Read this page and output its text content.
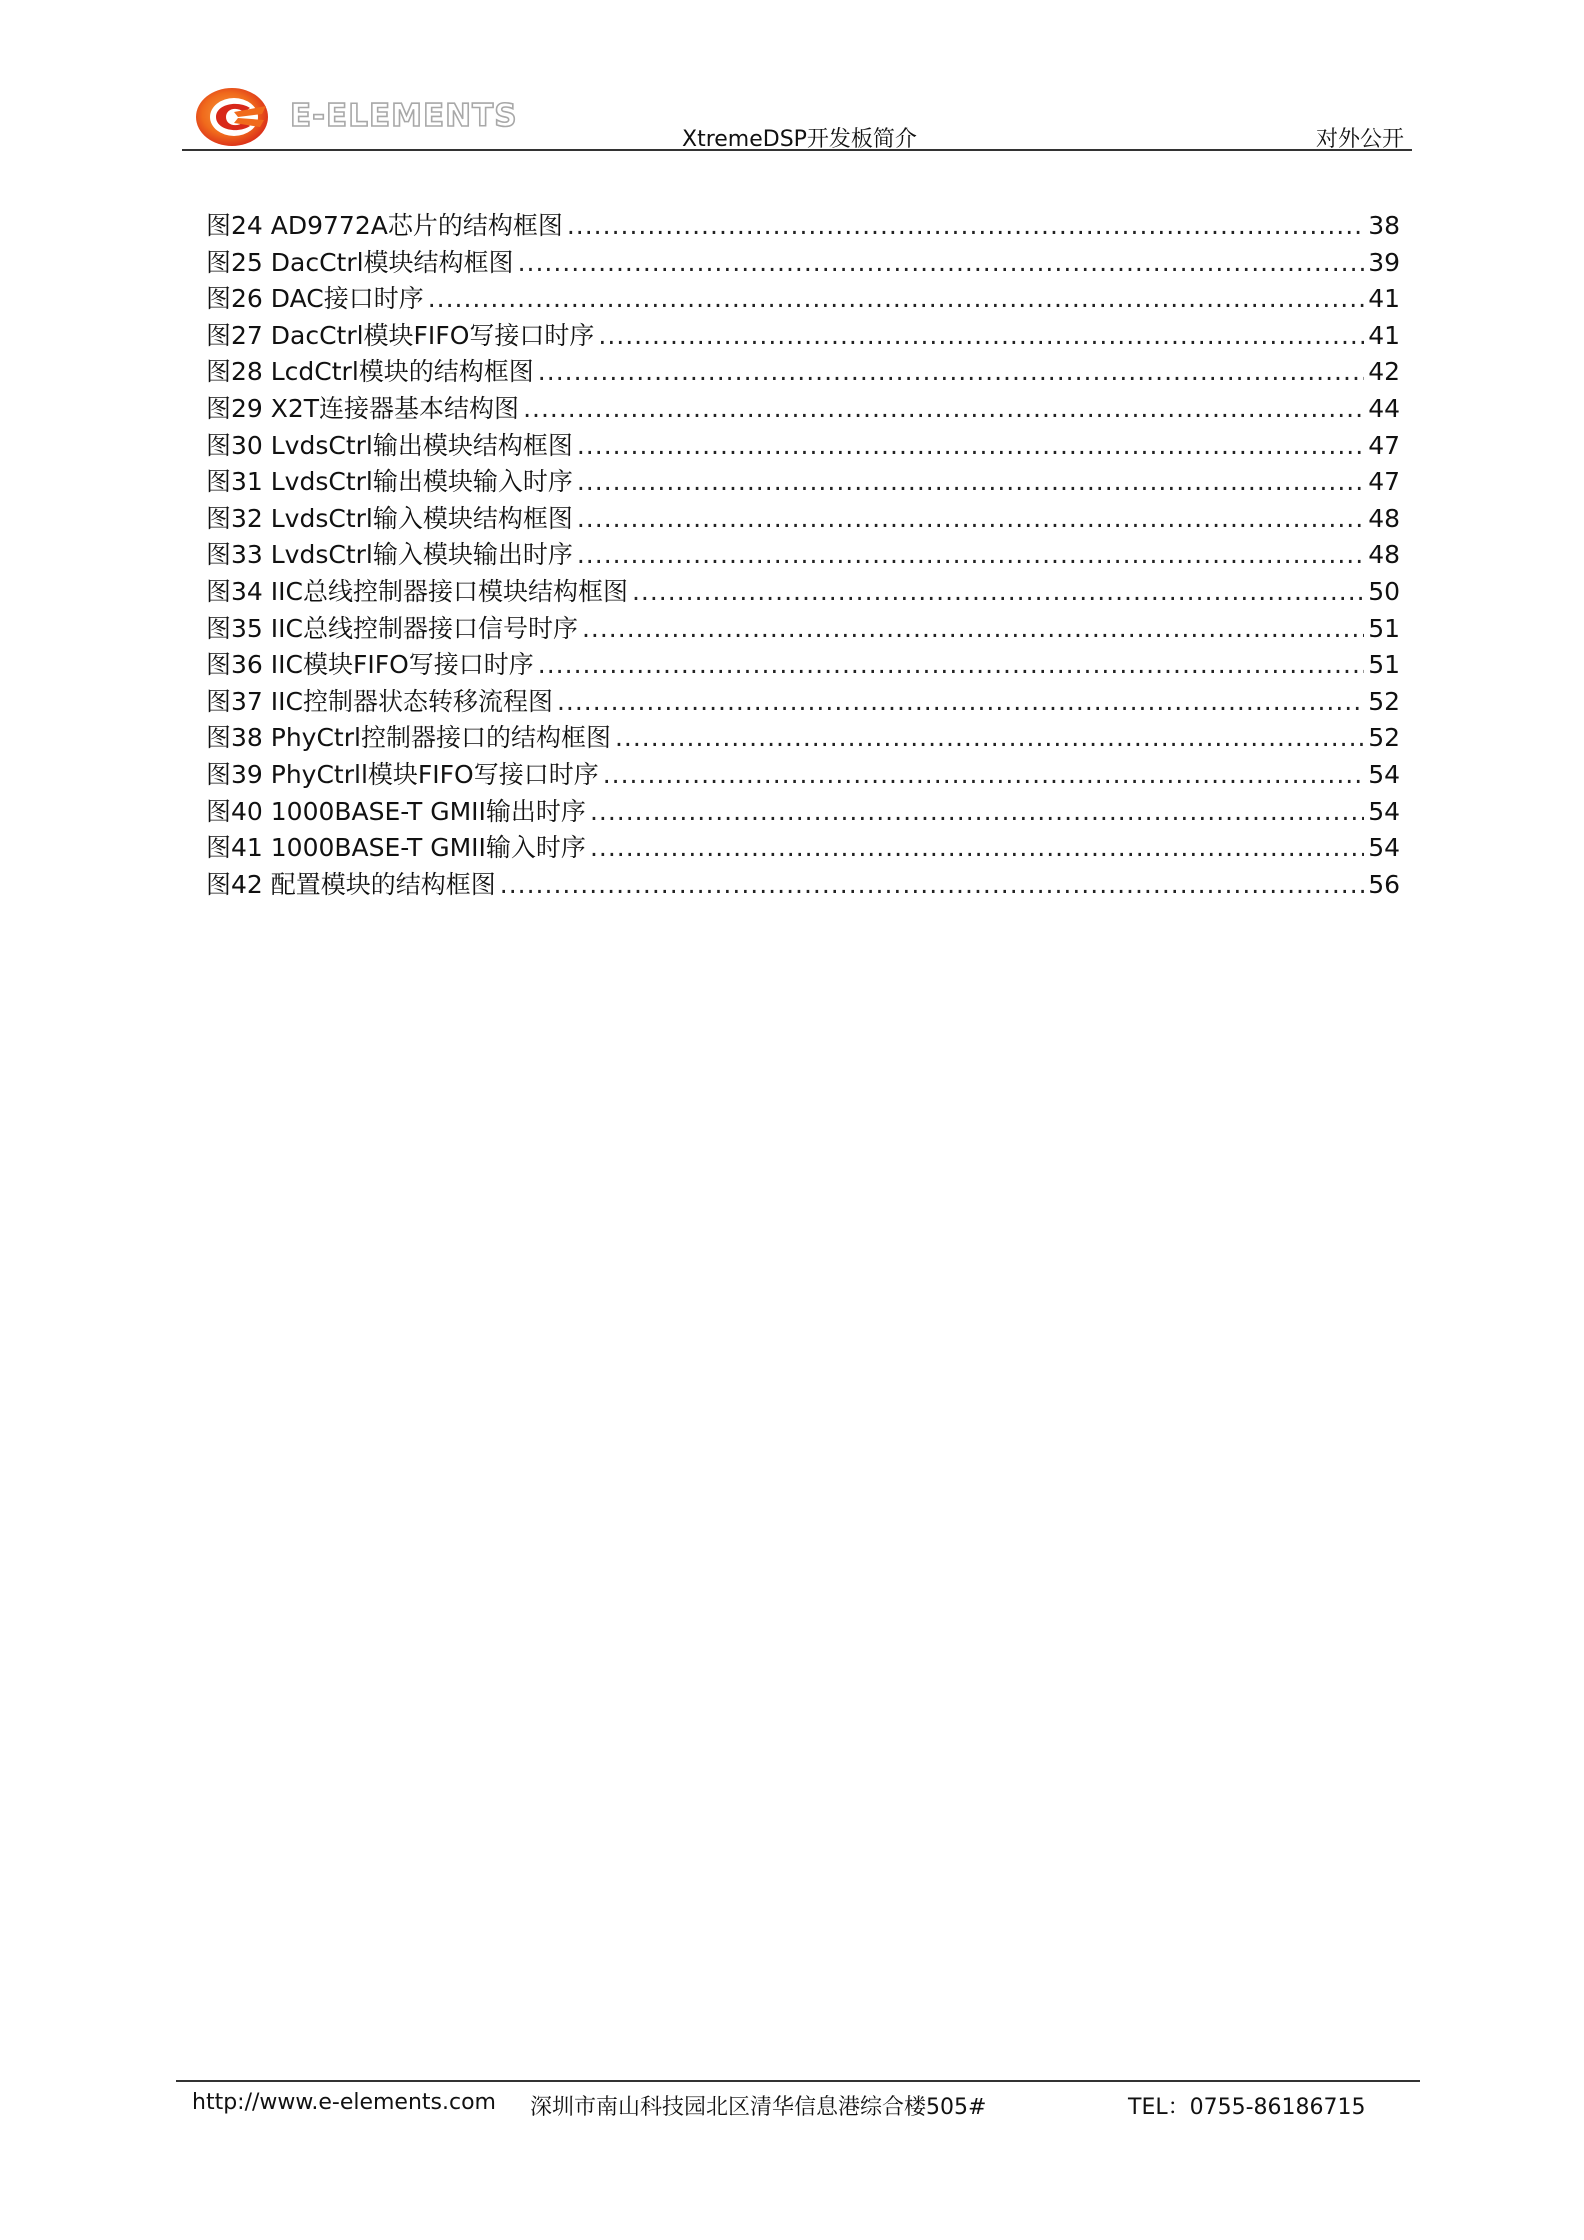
E-ELEMENTS
XtremeDSP开发板简介	对外公开
图24 AD9772A芯片的结构框图 .....	38
图25 DacCtrl模块结构框图 .....	39
图26 DAC接口时序 .....	41
图27 DacCtrl模块FIFO写接口时序 .....	41
图28 LcdCtrl模块的结构框图 .....	42
图29 X2T连接器基本结构图 .....	44
图30 LvdsCtrl输出模块结构框图 .....	47
图31 LvdsCtrl输出模块输入时序 .....	47
图32 LvdsCtrl输入模块结构框图 .....	48
图33 LvdsCtrl输入模块输出时序 .....	48
图34 IIC总线控制器接口模块结构框图 .....	50
图35 IIC总线控制器接口信号时序 .....	51
图36 IIC模块FIFO写接口时序 .....	51
图37 IIC控制器状态转移流程图 .....	52
图38 PhyCtrl控制器接口的结构框图 .....	52
图39 PhyCtrll模块FIFO写接口时序 .....	54
图40 1000BASE-T GMII输出时序 .....	54
图41 1000BASE-T GMII输入时序 .....	54
图42 配置模块的结构框图 .....	56
http://www.e-elements.com 深圳市南山科技园北区清华信息港综合楼505#	TEL：0755-86186715
